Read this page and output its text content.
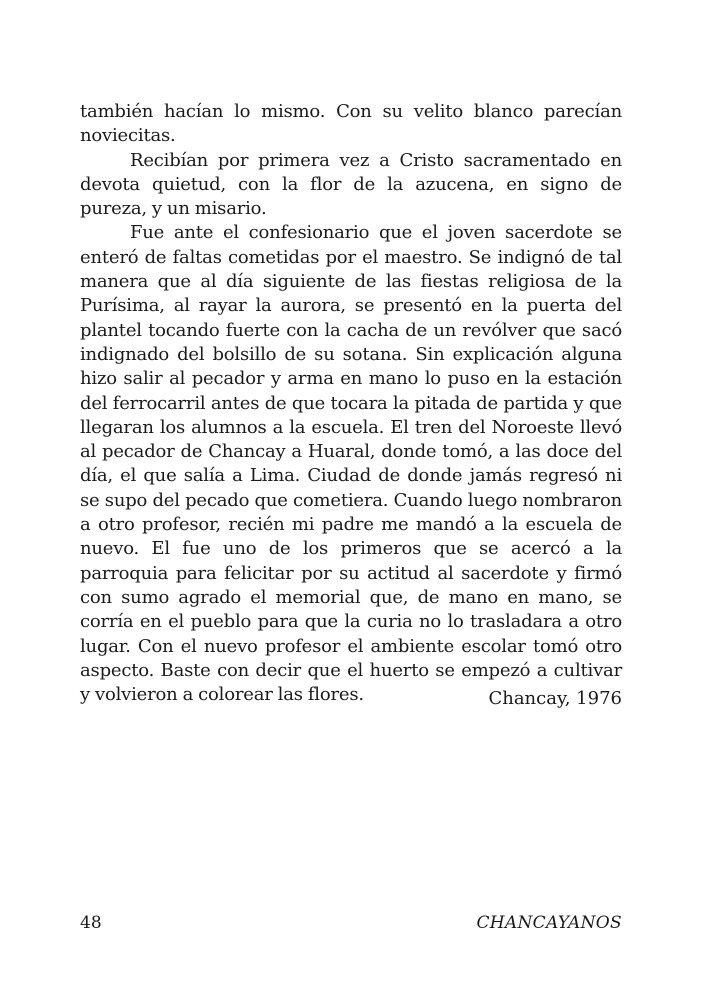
también hacían lo mismo. Con su velito blanco parecían noviecitas.

Recibían por primera vez a Cristo sacramentado en devota quietud, con la flor de la azucena, en signo de pureza, y un misario.

Fue ante el confesionario que el joven sacerdote se enteró de faltas cometidas por el maestro. Se indignó de tal manera que al día siguiente de las fiestas religiosa de la Purísima, al rayar la aurora, se presentó en la puerta del plantel tocando fuerte con la cacha de un revólver que sacó indignado del bolsillo de su sotana. Sin explicación alguna hizo salir al pecador y arma en mano lo puso en la estación del ferrocarril antes de que tocara la pitada de partida y que llegaran los alumnos a la escuela. El tren del Noroeste llevó al pecador de Chancay a Huaral, donde tomó, a las doce del día, el que salía a Lima. Ciudad de donde jamás regresó ni se supo del pecado que cometiera. Cuando luego nombraron a otro profesor, recién mi padre me mandó a la escuela de nuevo. El fue uno de los primeros que se acercó a la parroquia para felicitar por su actitud al sacerdote y firmó con sumo agrado el memorial que, de mano en mano, se corría en el pueblo para que la curia no lo trasladara a otro lugar. Con el nuevo profesor el ambiente escolar tomó otro aspecto. Baste con decir que el huerto se empezó a cultivar y volvieron a colorear las flores.	Chancay, 1976
48	CHANCAYANOS
